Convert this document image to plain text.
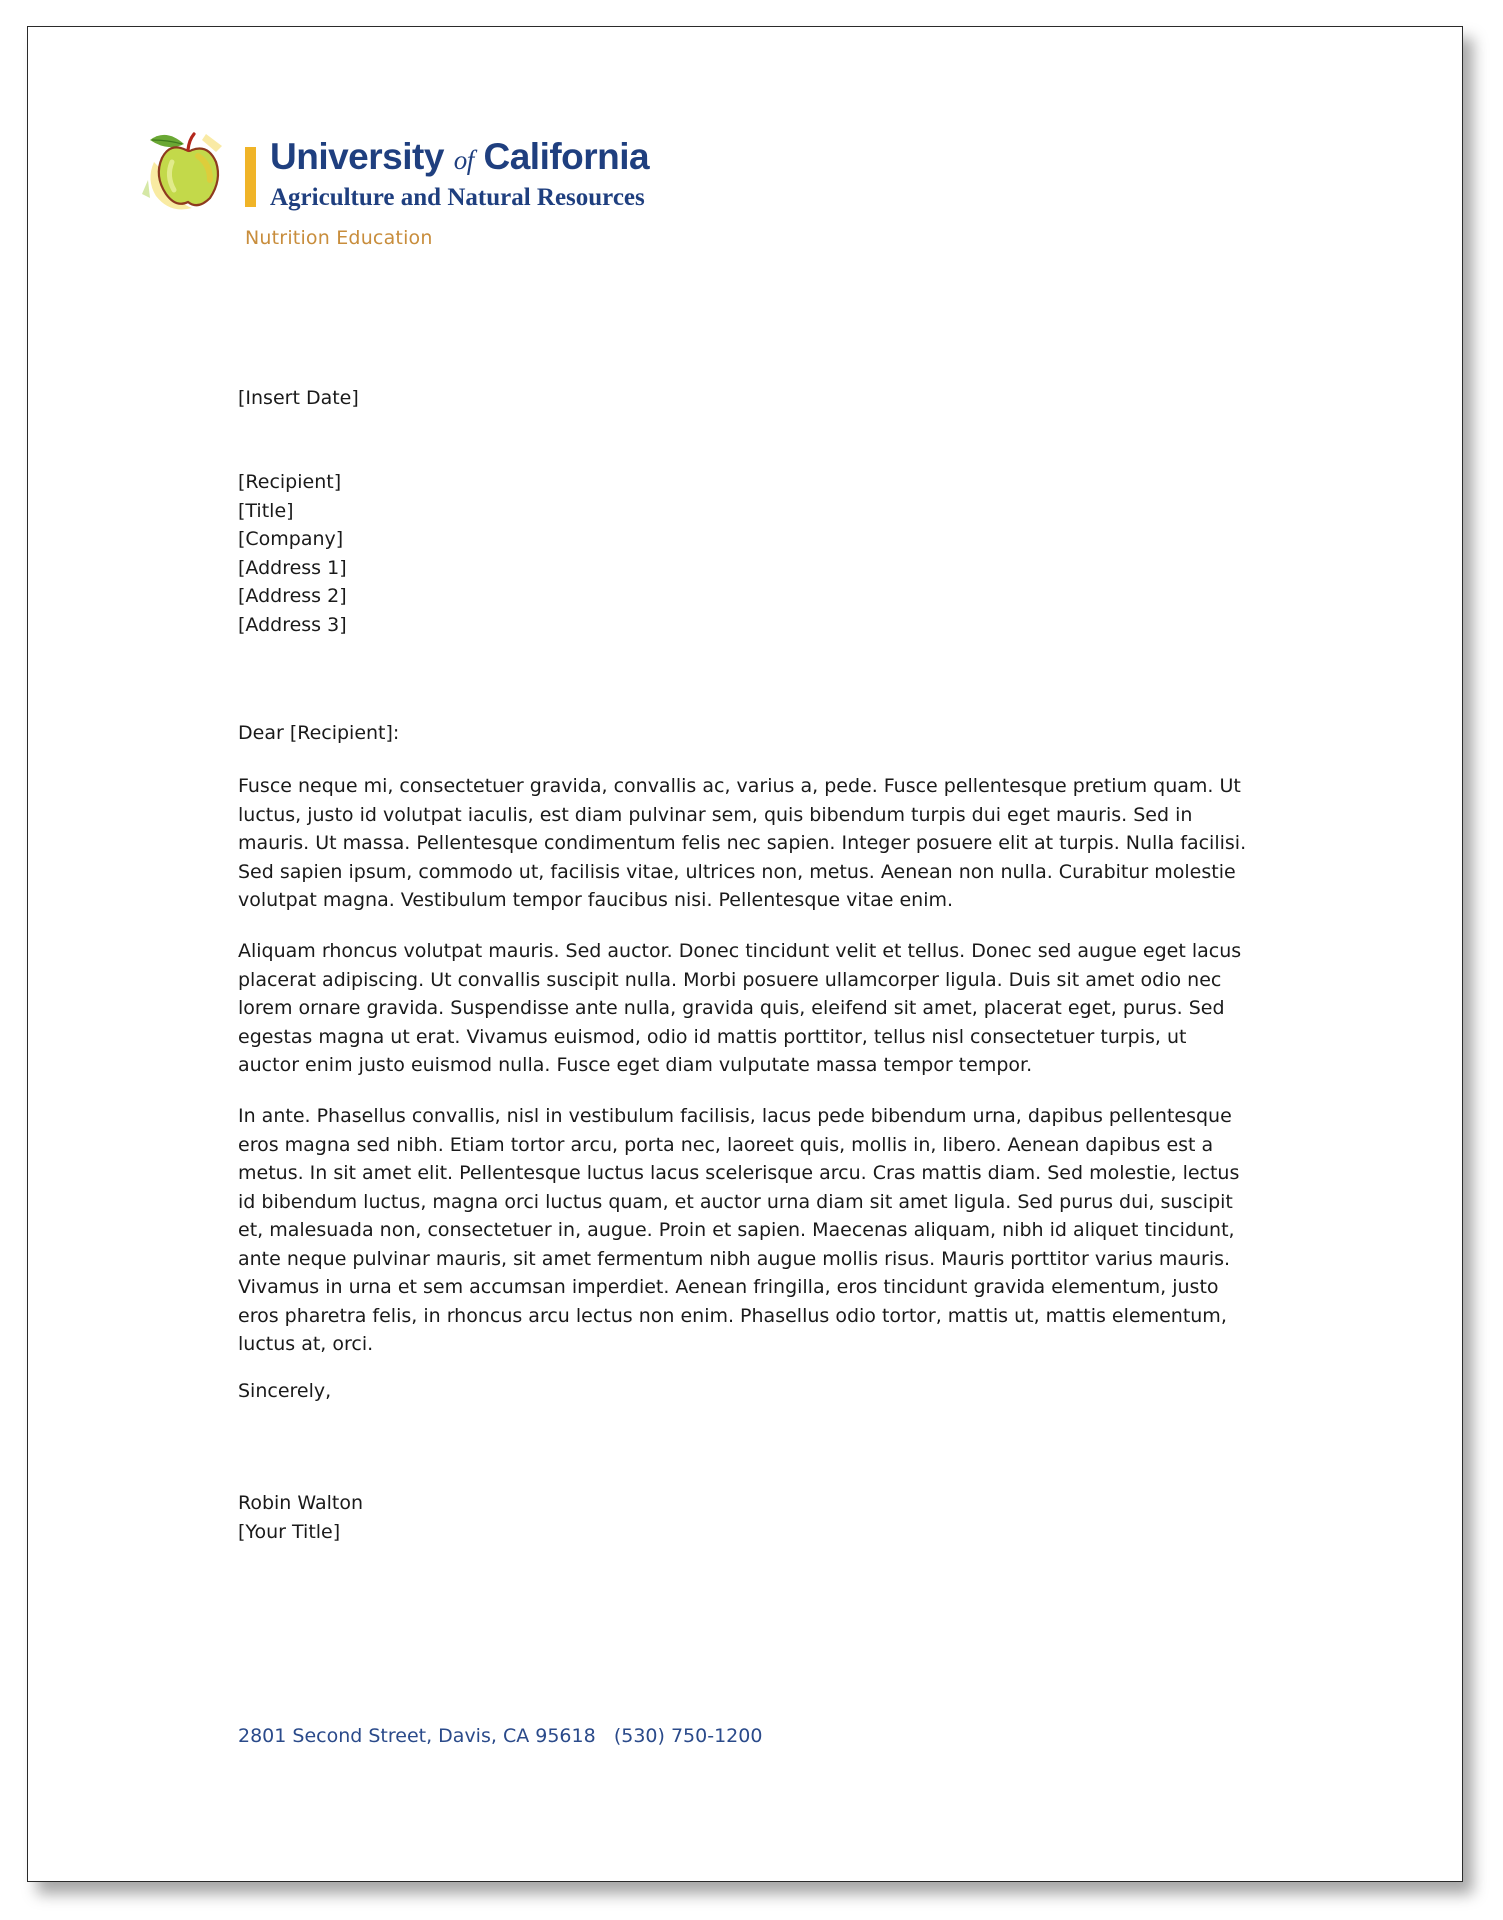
University of California
Agriculture and Natural Resources
Nutrition Education
[Insert Date]
[Recipient]
[Title]
[Company]
[Address 1]
[Address 2]
[Address 3]
Dear [Recipient]:
Fusce neque mi, consectetuer gravida, convallis ac, varius a, pede. Fusce pellentesque pretium quam. Ut luctus, justo id volutpat iaculis, est diam pulvinar sem, quis bibendum turpis dui eget mauris. Sed in mauris. Ut massa. Pellentesque condimentum felis nec sapien. Integer posuere elit at turpis. Nulla facilisi. Sed sapien ipsum, commodo ut, facilisis vitae, ultrices non, metus. Aenean non nulla. Curabitur molestie volutpat magna. Vestibulum tempor faucibus nisi. Pellentesque vitae enim.
Aliquam rhoncus volutpat mauris. Sed auctor. Donec tincidunt velit et tellus. Donec sed augue eget lacus placerat adipiscing. Ut convallis suscipit nulla. Morbi posuere ullamcorper ligula. Duis sit amet odio nec lorem ornare gravida. Suspendisse ante nulla, gravida quis, eleifend sit amet, placerat eget, purus. Sed egestas magna ut erat. Vivamus euismod, odio id mattis porttitor, tellus nisl consectetuer turpis, ut auctor enim justo euismod nulla. Fusce eget diam vulputate massa tempor tempor.
In ante. Phasellus convallis, nisl in vestibulum facilisis, lacus pede bibendum urna, dapibus pellentesque eros magna sed nibh. Etiam tortor arcu, porta nec, laoreet quis, mollis in, libero. Aenean dapibus est a metus. In sit amet elit. Pellentesque luctus lacus scelerisque arcu. Cras mattis diam. Sed molestie, lectus id bibendum luctus, magna orci luctus quam, et auctor urna diam sit amet ligula. Sed purus dui, suscipit et, malesuada non, consectetuer in, augue. Proin et sapien. Maecenas aliquam, nibh id aliquet tincidunt, ante neque pulvinar mauris, sit amet fermentum nibh augue mollis risus. Mauris porttitor varius mauris. Vivamus in urna et sem accumsan imperdiet. Aenean fringilla, eros tincidunt gravida elementum, justo eros pharetra felis, in rhoncus arcu lectus non enim. Phasellus odio tortor, mattis ut, mattis elementum, luctus at, orci.
Sincerely,
Robin Walton
[Your Title]
2801 Second Street, Davis, CA 95618 (530) 750-1200
